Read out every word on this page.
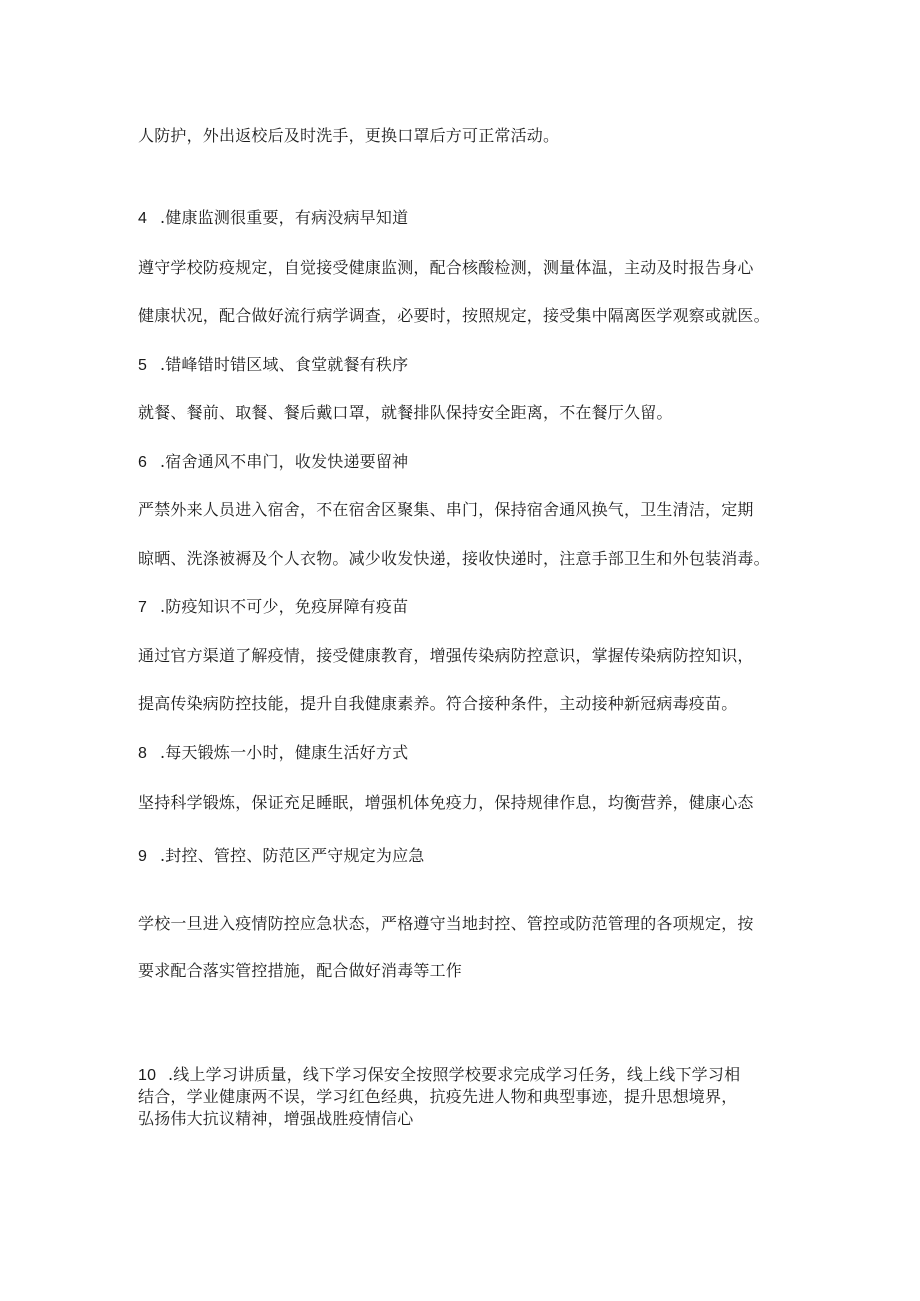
人防护，外出返校后及时洗手，更换口罩后方可正常活动。
4 .健康监测很重要，有病没病早知道
遵守学校防疫规定，自觉接受健康监测，配合核酸检测，测量体温，主动及时报告身心
健康状况，配合做好流行病学调查，必要时，按照规定，接受集中隔离医学观察或就医。
5 .错峰错时错区域、食堂就餐有秩序
就餐、餐前、取餐、餐后戴口罩，就餐排队保持安全距离，不在餐厅久留。
6 .宿舍通风不串门，收发快递要留神
严禁外来人员进入宿舍，不在宿舍区聚集、串门，保持宿舍通风换气，卫生清洁，定期
晾晒、洗涤被褥及个人衣物。减少收发快递，接收快递时，注意手部卫生和外包装消毒。
7 .防疫知识不可少，免疫屏障有疫苗
通过官方渠道了解疫情，接受健康教育，增强传染病防控意识，掌握传染病防控知识，
提高传染病防控技能，提升自我健康素养。符合接种条件，主动接种新冠病毒疫苗。
8 .每天锻炼一小时，健康生活好方式
坚持科学锻炼，保证充足睡眠，增强机体免疫力，保持规律作息，均衡营养，健康心态
9 .封控、管控、防范区严守规定为应急
学校一旦进入疫情防控应急状态，严格遵守当地封控、管控或防范管理的各项规定，按
要求配合落实管控措施，配合做好消毒等工作
10 .线上学习讲质量，线下学习保安全按照学校要求完成学习任务，线上线下学习相
结合，学业健康两不误，学习红色经典，抗疫先进人物和典型事迹，提升思想境界，
弘扬伟大抗议精神，增强战胜疫情信心
